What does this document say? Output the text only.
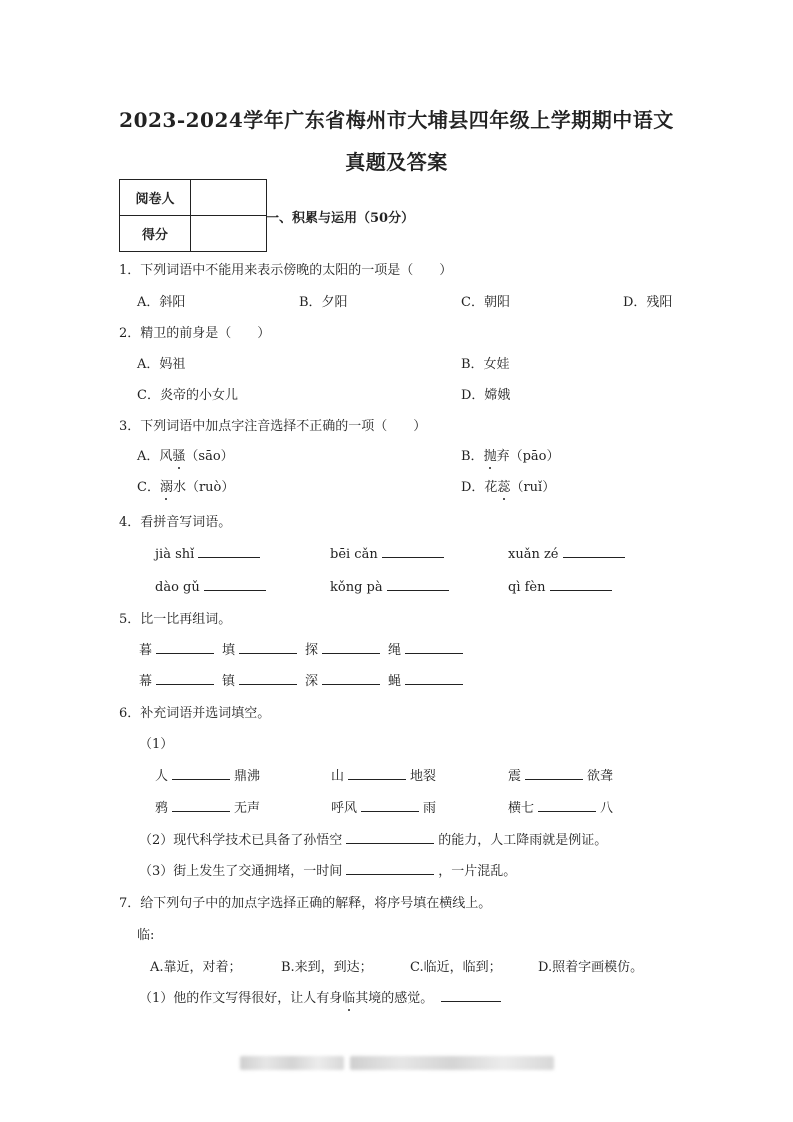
2023-2024学年广东省梅州市大埔县四年级上学期期中语文
真题及答案
阅卷人	
得分	
一、积累与运用（50分）
1．下列词语中不能用来表示傍晚的太阳的一项是（　　）
A．斜阳	B．夕阳	C．朝阳	D．残阳
2．精卫的前身是（　　）
A．妈祖	B．女娃
C．炎帝的小女儿	D．嫦娥
3．下列词语中加点字注音选择不正确的一项（　　）
A．风骚（sāo）	B．抛弃（pāo）
C．溺水（ruò）	D．花蕊（ruǐ）
4．看拼音写词语。
jià shǐ	bēi cǎn	xuǎn zé
dào gǔ	kǒng pà	qì fèn
5．比一比再组词。
暮	填	探	绳
幕	镇	深	蝇
6．补充词语并选词填空。
（1）
人	鼎沸	山	地裂	震	欲聋
鸦	无声	呼风	雨	横七	八
（2）现代科学技术已具备了孙悟空	的能力，人工降雨就是例证。
（3）街上发生了交通拥堵，一时间	，一片混乱。
7．给下列句子中的加点字选择正确的解释，将序号填在横线上。
临:
A.靠近，对着；	B.来到，到达；	C.临近，临到；	D.照着字画模仿。
（1）他的作文写得很好，让人有身临其境的感觉。
